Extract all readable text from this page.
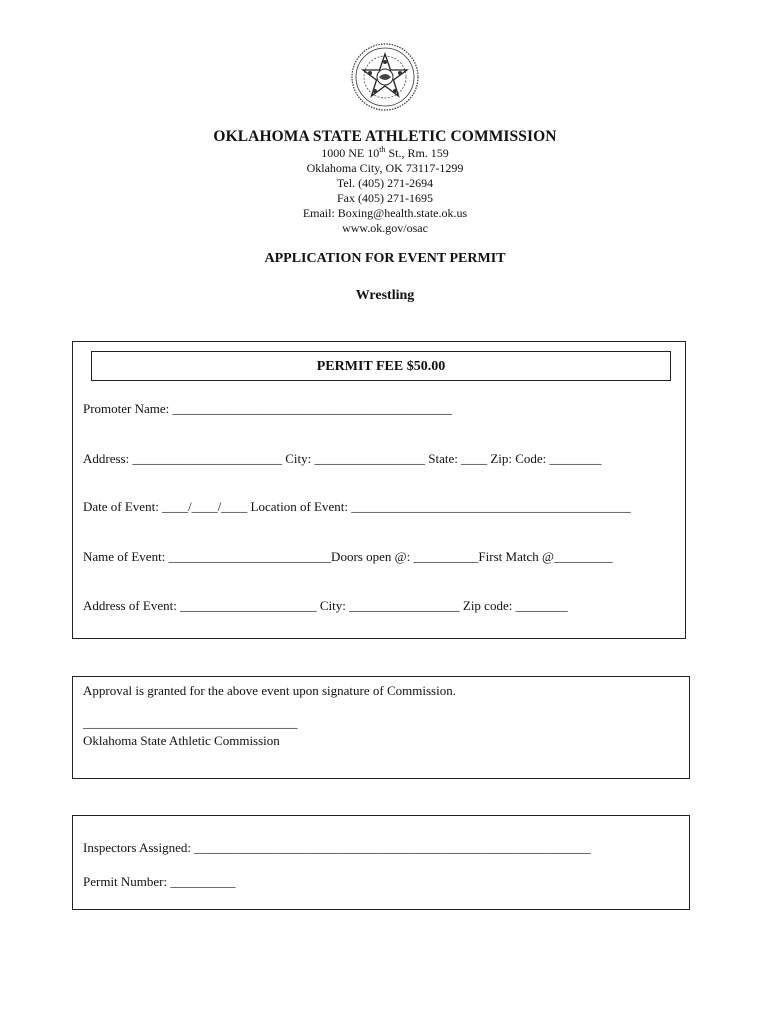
OKLAHOMA STATE ATHLETIC COMMISSION
1000 NE 10th St., Rm. 159
Oklahoma City, OK 73117-1299
Tel. (405) 271-2694
Fax (405) 271-1695
Email: Boxing@health.state.ok.us
www.ok.gov/osac
APPLICATION FOR EVENT PERMIT
Wrestling
PERMIT FEE $50.00
Promoter Name: ___________________________________________
Address: _______________________ City: _________________ State: ____ Zip: Code: ________
Date of Event: ____/____/____ Location of Event: ___________________________________________
Name of Event: _________________________Doors open @: __________First Match @_________
Address of Event: _____________________ City: _________________ Zip code: ________
Approval is granted for the above event upon signature of Commission.
_________________________________
Oklahoma State Athletic Commission
Inspectors Assigned: _____________________________________________________________
Permit Number: __________
